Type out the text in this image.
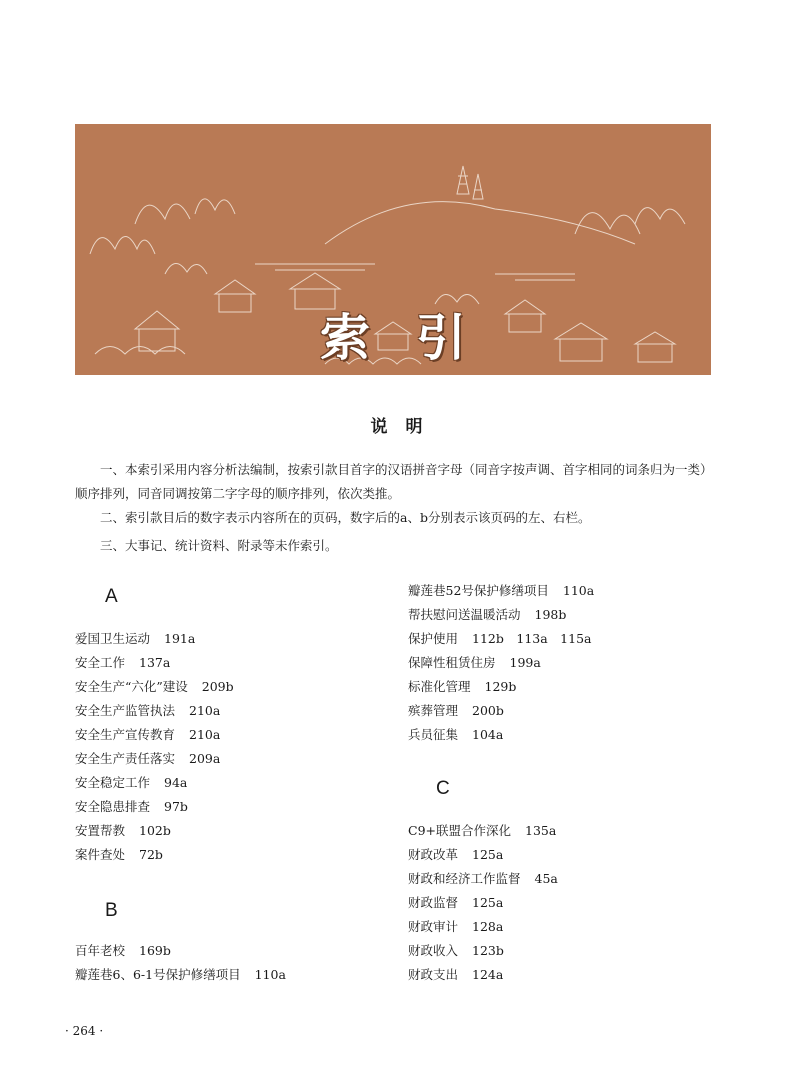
索引
说明

一、本索引采用内容分析法编制，按索引款目首字的汉语拼音字母（同音字按声调、首字相同的词条归为一类）顺序排列，同音同调按第二字字母的顺序排列，依次类推。

二、索引款目后的数字表示内容所在的页码，数字后的a、b分别表示该页码的左、右栏。

三、大事记、统计资料、附录等未作索引。

A
爱国卫生运动 191a
安全工作 137a
安全生产“六化”建设 209b
安全生产监管执法 210a
安全生产宣传教育 210a
安全生产责任落实 209a
安全稳定工作 94a
安全隐患排查 97b
安置帮教 102b
案件查处 72b
B
百年老校 169b
瓣莲巷6、6-1号保护修缮项目 110a
瓣莲巷52号保护修缮项目 110a
帮扶慰问送温暖活动 198b
保护使用 112b　113a　115a
保障性租赁住房 199a
标准化管理 129b
殡葬管理 200b
兵员征集 104a
C
C9+联盟合作深化 135a
财政改革 125a
财政和经济工作监督 45a
财政监督 125a
财政审计 128a
财政收入 123b
财政支出 124a
· 264 ·
